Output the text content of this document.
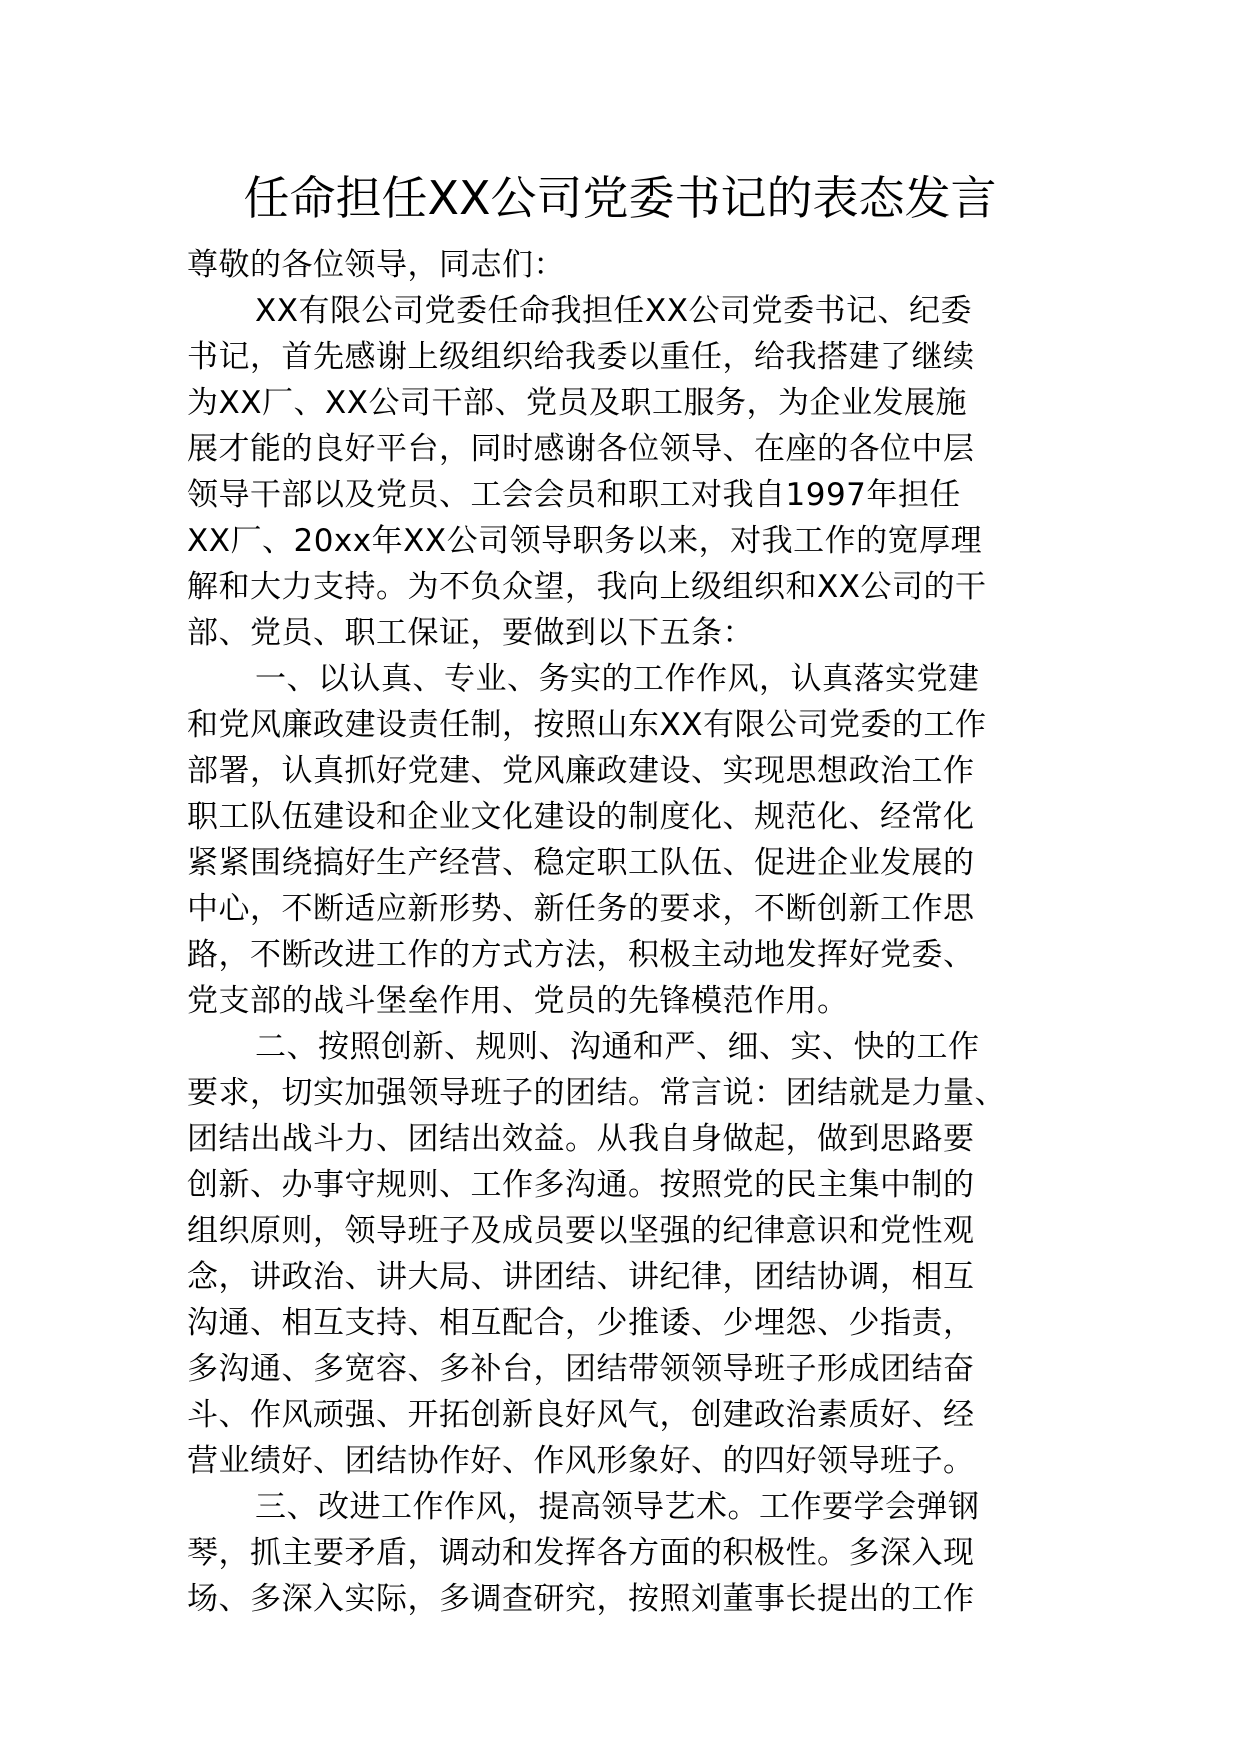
任命担任XX公司党委书记的表态发言
尊敬的各位领导，同志们：
XX有限公司党委任命我担任XX公司党委书记、纪委
书记，首先感谢上级组织给我委以重任，给我搭建了继续
为XX厂、XX公司干部、党员及职工服务，为企业发展施
展才能的良好平台，同时感谢各位领导、在座的各位中层
领导干部以及党员、工会会员和职工对我自1997年担任
XX厂、20xx年XX公司领导职务以来，对我工作的宽厚理
解和大力支持。为不负众望，我向上级组织和XX公司的干
部、党员、职工保证，要做到以下五条：
一、以认真、专业、务实的工作作风，认真落实党建
和党风廉政建设责任制，按照山东XX有限公司党委的工作
部署，认真抓好党建、党风廉政建设、实现思想政治工作
职工队伍建设和企业文化建设的制度化、规范化、经常化
紧紧围绕搞好生产经营、稳定职工队伍、促进企业发展的
中心，不断适应新形势、新任务的要求，不断创新工作思
路，不断改进工作的方式方法，积极主动地发挥好党委、
党支部的战斗堡垒作用、党员的先锋模范作用。
二、按照创新、规则、沟通和严、细、实、快的工作
要求，切实加强领导班子的团结。常言说：团结就是力量、
团结出战斗力、团结出效益。从我自身做起，做到思路要
创新、办事守规则、工作多沟通。按照党的民主集中制的
组织原则，领导班子及成员要以坚强的纪律意识和党性观
念，讲政治、讲大局、讲团结、讲纪律，团结协调，相互
沟通、相互支持、相互配合，少推诿、少埋怨、少指责，
多沟通、多宽容、多补台，团结带领领导班子形成团结奋
斗、作风顽强、开拓创新良好风气，创建政治素质好、经
营业绩好、团结协作好、作风形象好、的四好领导班子。
三、改进工作作风，提高领导艺术。工作要学会弹钢
琴，抓主要矛盾，调动和发挥各方面的积极性。多深入现
场、多深入实际，多调查研究，按照刘董事长提出的工作
